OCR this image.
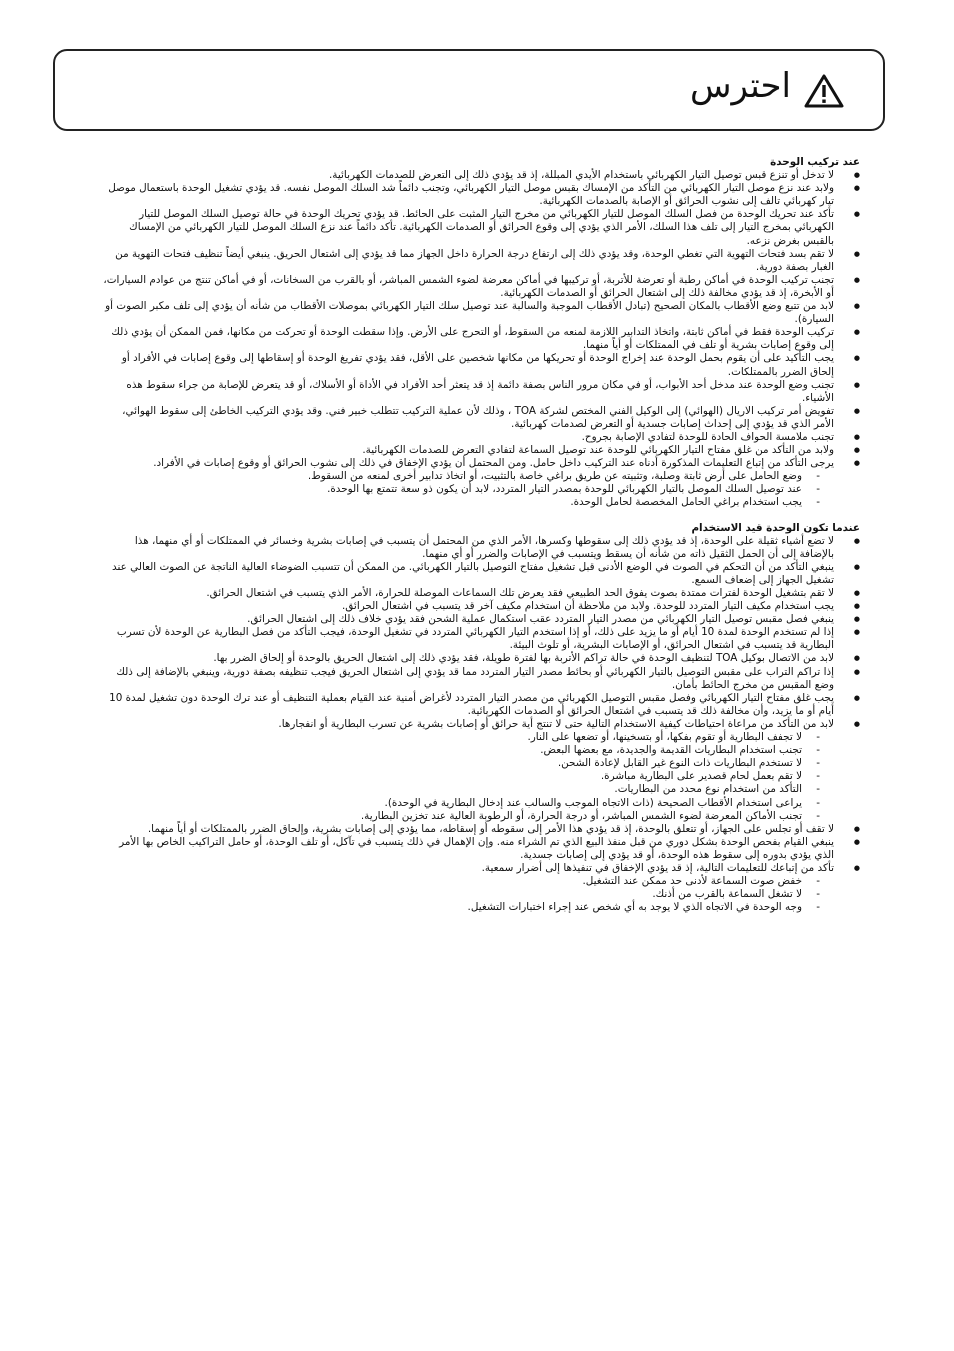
احترس
عند تركيب الوحدة
● لا تدخل أو تنزع قبس توصيل التيار الكهربائي باستخدام الأيدي المبللة، إذ قد يؤدي ذلك إلى التعرض للصدمات الكهربائية.
● ولابد عند نزع موصل التيار الكهربائي من التأكد من الإمساك بقبس موصل التيار الكهربائي، وتجنب دائماً شد السلك الموصل نفسه. قد يؤدي تشغيل الوحدة باستعمال موصل تيار كهربائي تالف إلى نشوب الحرائق أو الإصابة بالصدمات الكهربائية.
● تأكد عند تحريك الوحدة من فصل السلك الموصل للتيار الكهربائي من مخرج التيار المثبت على الحائط. قد يؤدي تحريك الوحدة في حالة توصيل السلك الموصل للتيار الكهربائي بمخرج التيار إلى تلف هذا السلك، الأمر الذي يؤدي إلى وقوع الحرائق أو الصدمات الكهربائية. تأكد دائماً عند نزع السلك الموصل للتيار الكهربائي من الإمساك بالقبس بغرض نزعه.
● لا تقم بسد فتحات التهوية التي تغطي الوحدة، وقد يؤدي ذلك إلى ارتفاع درجة الحرارة داخل الجهاز مما قد يؤدي إلى اشتعال الحريق. ينبغي أيضاً تنظيف فتحات التهوية من الغبار بصفة دورية.
● تجنب تركيب الوحدة في أماكن رطبة أو تعرضة للأتربة، أو تركيبها في أماكن معرضة لضوء الشمس المباشر، أو بالقرب من السخانات، أو في أماكن تنتج من عوادم السيارات، أو الأبخرة، إذ قد يؤدي مخالفة ذلك إلى اشتعال الحرائق أو الصدمات الكهربائية.
● لابد من تتبع وضع الأقطاب بالمكان الصحيح (تبادل الأقطاب الموجبة والسالبة عند توصيل سلك التيار الكهربائي بموصلات الأقطاب من شأنه أن يؤدي إلى تلف مكبر الصوت أو السيارة).
● تركيب الوحدة فقط في أماكن ثابتة، واتخاذ التدابير اللازمة لمنعه من السقوط، أو التحرج على الأرض. وإذا سقطت الوحدة أو تحركت من مكانها، فمن الممكن أن يؤدي ذلك إلى وقوع إصابات بشرية أو تلف في الممتلكات أو أياً منهما.
● يجب التأكيد على أن يقوم بحمل الوحدة عند إخراج الوحدة أو تحريكها من مكانها شخصين على الأقل، فقد يؤدي تفريغ الوحدة أو إسقاطها إلى وقوع إصابات في الأفراد أو إلحاق الضرر بالممتلكات.
● تجنب وضع الوحدة عند مدخل أحد الأبواب، أو في مكان مرور الناس بصفة دائمة إذ قد يتعثر أحد الأفراد في الأداة أو الأسلاك، أو قد يتعرض للإصابة من جراء سقوط هذه الأشياء.
● تفويض أمر تركيب الاريال (الهوائي) إلى الوكيل الفني المختص لشركة TOA ، وذلك لأن عملية التركيب تتطلب خبير فني. وقد يؤدي التركيب الخاطئ إلى سقوط الهوائي، الأمر الذي قد يؤدي إلى إحداث إصابات جسدية أو التعرض لصدمات كهربائية.
● تجنب ملامسة الحواف الحادة للوحدة لتفادي الإصابة بجروح.
● ولابد من التأكد من غلق مفتاح التيار الكهربائي للوحدة عند توصيل السماعة لتفادي التعرض للصدمات الكهربائية.
● يرجى التأكد من إتباع التعليمات المذكورة أدناه عند التركيب داخل حامل. ومن المحتمل أن يؤدي الإخفاق في ذلك إلى نشوب الحرائق أو وقوع إصابات في الأفراد.
- وضع الحامل على أرض ثابتة وصلبة، وتثبيته عن طريق براغي خاصة بالتثبيت، أو اتخاذ تدابير أخرى لمنعه من السقوط.
- عند توصيل السلك الموصل بالتيار الكهربائي للوحدة بمصدر التيار المتردد، لابد أن يكون ذو سعة تتمتع بها الوحدة.
- يجب استخدام براغي الحامل المخصصة لحامل الوحدة.
عندما تكون الوحدة قيد الاستخدام
● لا تضع أشياء ثقيلة على الوحدة، إذ قد يؤدي ذلك إلى سقوطها وكسرها، الأمر الذي من المحتمل أن يتسبب في إصابات بشرية وخسائر في الممتلكات أو أي منهما، هذا بالإضافة إلى أن الحمل الثقيل ذاته من شأنه أن يسقط ويتسبب في الإصابات والضرر أو أي منهما.
● ينبغي التأكد من أن التحكم في الصوت في الوضع الأدنى قبل تشغيل مفتاح التوصيل بالتيار الكهربائي. من الممكن أن تتسبب الضوضاء العالية الناتجة عن الصوت العالي عند تشغيل الجهاز إلى إضعاف السمع.
● لا تقم بتشغيل الوحدة لفترات ممتدة بصوت يفوق الحد الطبيعي فقد يعرض تلك السماعات الموصلة للحرارة، الأمر الذي يتسبب في اشتعال الحرائق.
● يجب استخدام مكيف التيار المتردد للوحدة. ولابد من ملاحظة أن استخدام مكيف آخر قد يتسبب في اشتعال الحرائق.
● ينبغي فصل مقبس توصيل التيار الكهربائي من مصدر التيار المتردد عقب استكمال عملية الشحن فقد يؤدي خلاف ذلك إلى اشتعال الحرائق.
● إذا لم تستخدم الوحدة لمدة 10 أيام أو ما يزيد على ذلك، أو إذا استخدم التيار الكهربائي المتردد في تشغيل الوحدة، فيجب التأكد من فصل البطارية عن الوحدة لأن تسرب البطارية قد يتسبب في اشتعال الحرائق، أو الإصابات البشرية، أو تلوث البيئة.
● لابد من الاتصال بوكيل TOA لتنظيف الوحدة في حالة تراكم الأتربة بها لفترة طويلة، فقد يؤدي ذلك إلى اشتعال الحريق بالوحدة أو إلحاق الضرر بها.
● إذا تراكم التراب على مقبس التوصيل بالتيار الكهربائي أو بحائط مصدر التيار المتردد مما قد يؤدي إلى اشتعال الحريق فيجب تنظيفه بصفة دورية، وينبغي بالإضافة إلى ذلك وضع المقبس من مخرج الحائط بأمان.
● يجب غلق مفتاح التيار الكهربائي وفصل مقبس التوصيل الكهربائي من مصدر التيار المتردد لأغراض أمنية عند القيام بعملية التنظيف أو عند ترك الوحدة دون تشغيل لمدة 10 أيام أو ما يزيد، وأن مخالفة ذلك قد يتسبب في اشتعال الحرائق أو الصدمات الكهربائية.
● لابد من التأكد من مراعاة احتياطات كيفية الاستخدام التالية حتى لا تنتج أية حرائق أو إصابات بشرية عن تسرب البطارية أو انفجارها.
- لا تجفف البطارية أو تقوم بفكها، أو بتسخينها، أو تضعها على النار.
- تجنب استخدام البطاريات القديمة والجديدة، مع بعضها البعض.
- لا تستخدم البطاريات ذات النوع غير القابل لإعادة الشحن.
- لا تقم بعمل لحام قصدير على البطارية مباشرة.
- التأكد من استخدام نوع محدد من البطاريات.
- يراعى استخدام الأقطاب الصحيحة (ذات الاتجاه الموجب والسالب عند إدخال البطارية في الوحدة).
- تجنب الأماكن المعرضة لضوء الشمس المباشر، أو درجة الحرارة، أو الرطوبة العالية عند تخزين البطارية.
● لا تقف أو تجلس على الجهاز، أو تتعلق بالوحدة، إذ قد يؤدي هذا الأمر إلى سقوطه أو إسقاطه، مما يؤدي إلى إصابات بشرية، وإلحاق الضرر بالممتلكات أو أياً منهما.
● ينبغي القيام بفحص الوحدة بشكل دوري من قبل منفذ البيع الذي تم الشراء منه. وإن الإهمال في ذلك يتسبب في تآكل، أو تلف الوحدة، أو حامل التراكيب الخاص بها الأمر الذي يؤدي بدوره إلى سقوط هذه الوحدة، أو قد يؤدي إلى إصابات جسدية.
● تأكد من إتباعك للتعليمات التالية، إذ قد يؤدي الإخفاق في تنفيذها إلى أضرار سمعية.
- خفض صوت السماعة لأدنى حد ممكن عند التشغيل.
- لا تشغل السماعة بالقرب من أذنك.
- وجه الوحدة في الاتجاه الذي لا يوجد به أي شخص عند إجراء اختبارات التشغيل.
